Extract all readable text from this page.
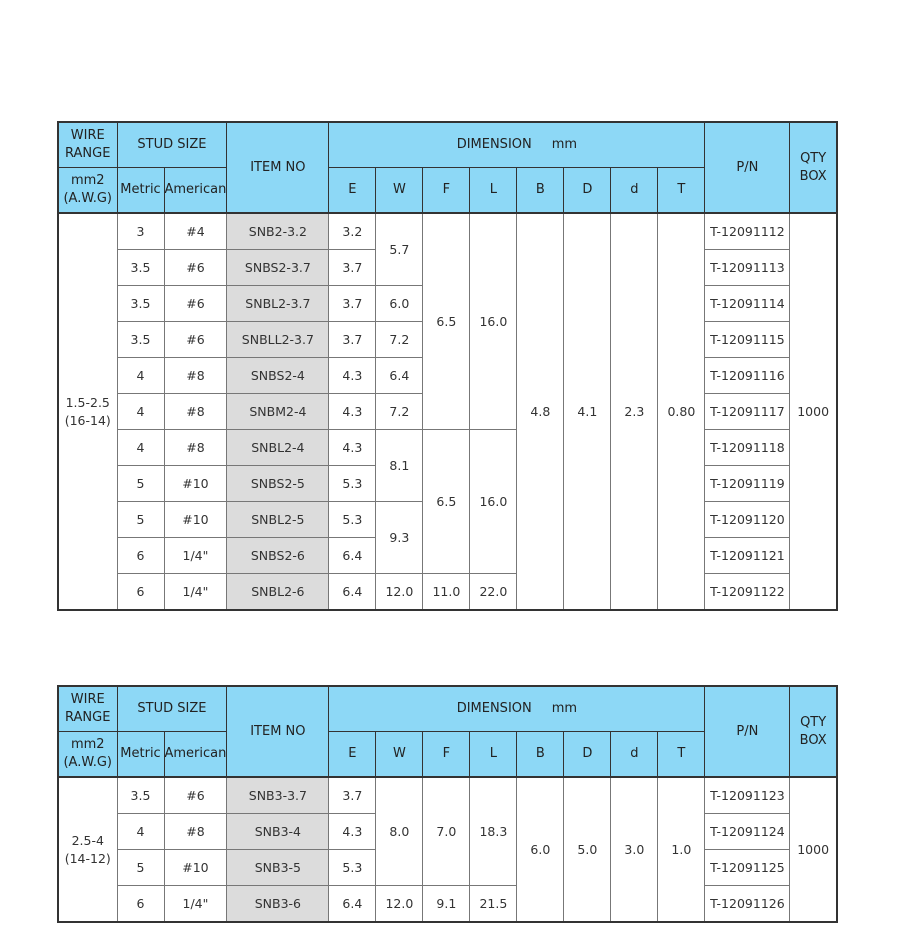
WIRE RANGE	STUD SIZE		ITEM NO	DIMENSION mm								P/N	QTY BOX
mm2 (A.W.G)	Metric	American		E	W	F	L	B	D	d	T		
1.5-2.5 (16-14)	3	#4	SNB2-3.2	3.2	5.7	6.5	16.0	4.8	4.1	2.3	0.80	T-12091112	1000
	3.5	#6	SNBS2-3.7	3.7								T-12091113	
	3.5	#6	SNBL2-3.7	3.7	6.0							T-12091114	
	3.5	#6	SNBLL2-3.7	3.7	7.2							T-12091115	
	4	#8	SNBS2-4	4.3	6.4							T-12091116	
	4	#8	SNBM2-4	4.3	7.2							T-12091117	
	4	#8	SNBL2-4	4.3	8.1	6.5	16.0					T-12091118	
	5	#10	SNBS2-5	5.3								T-12091119	
	5	#10	SNBL2-5	5.3	9.3							T-12091120	
	6	1/4"	SNBS2-6	6.4								T-12091121	
	6	1/4"	SNBL2-6	6.4	12.0	11.0	22.0					T-12091122	
WIRE RANGE	STUD SIZE		ITEM NO	DIMENSION mm								P/N	QTY BOX
mm2 (A.W.G)	Metric	American		E	W	F	L	B	D	d	T		
2.5-4 (14-12)	3.5	#6	SNB3-3.7	3.7	8.0	7.0	18.3	6.0	5.0	3.0	1.0	T-12091123	1000
	4	#8	SNB3-4	4.3								T-12091124	
	5	#10	SNB3-5	5.3								T-12091125	
	6	1/4"	SNB3-6	6.4	12.0	9.1	21.5					T-12091126	
